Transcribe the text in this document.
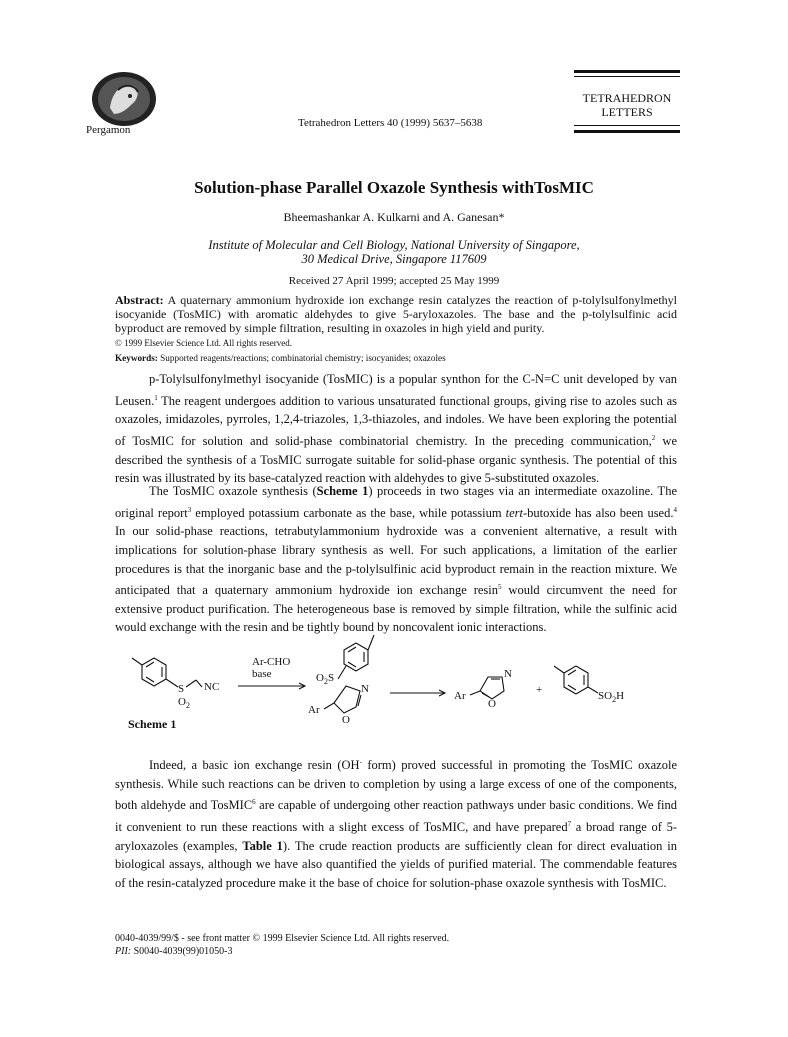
Pergamon
Tetrahedron Letters 40 (1999) 5637–5638
TETRAHEDRON
LETTERS
Solution-phase Parallel Oxazole Synthesis withTosMIC
Bheemashankar A. Kulkarni and A. Ganesan*
Institute of Molecular and Cell Biology, National University of Singapore,
30 Medical Drive, Singapore 117609
Received 27 April 1999; accepted 25 May 1999
Abstract: A quaternary ammonium hydroxide ion exchange resin catalyzes the reaction of p-tolylsulfonylmethyl isocyanide (TosMIC) with aromatic aldehydes to give 5-aryloxazoles. The base and the p-tolylsulfinic acid byproduct are removed by simple filtration, resulting in oxazoles in high yield and purity.
© 1999 Elsevier Science Ltd. All rights reserved.
Keywords: Supported reagents/reactions; combinatorial chemistry; isocyanides; oxazoles
p-Tolylsulfonylmethyl isocyanide (TosMIC) is a popular synthon for the C-N=C unit developed by van Leusen.$^1$ The reagent undergoes addition to various unsaturated functional groups, giving rise to azoles such as oxazoles, imidazoles, pyrroles, 1,2,4-triazoles, 1,3-thiazoles, and indoles. We have been exploring the potential of TosMIC for solution and solid-phase combinatorial chemistry. In the preceding communication,$^2$ we described the synthesis of a TosMIC surrogate suitable for solid-phase organic synthesis. The potential of this resin was illustrated by its base-catalyzed reaction with aldehydes to give 5-substituted oxazoles.
The TosMIC oxazole synthesis (Scheme 1) proceeds in two stages via an intermediate oxazoline. The original report$^3$ employed potassium carbonate as the base, while potassium tert-butoxide has also been used.$^4$ In our solid-phase reactions, tetrabutylammonium hydroxide was a convenient alternative, a result with implications for solution-phase library synthesis as well. For such applications, a limitation of the earlier procedures is that the inorganic base and the p-tolylsulfinic acid byproduct remain in the reaction mixture. We anticipated that a quaternary ammonium hydroxide ion exchange resin$^5$ would circumvent the need for extensive product purification. The heterogeneous base is removed by simple filtration, while the sulfinic acid would exchange with the resin and be tightly bound by noncovalent ionic interactions.
S
$O_2$
NC
Ar-CHO
base	$O_2S$
N
Ar
O
N
Ar
O
+	$SO_2H$
Scheme 1
Indeed, a basic ion exchange resin (OH- form) proved successful in promoting the TosMIC oxazole synthesis. While such reactions can be driven to completion by using a large excess of one of the components, both aldehyde and TosMIC$^6$ are capable of undergoing other reaction pathways under basic conditions. We find it convenient to run these reactions with a slight excess of TosMIC, and have prepared$^7$ a broad range of 5-aryloxazoles (examples, Table 1). The crude reaction products are sufficiently clean for direct evaluation in biological assays, although we have also quantified the yields of purified material. The commendable features of the resin-catalyzed procedure make it the base of choice for solution-phase oxazole synthesis with TosMIC.
0040-4039/99/$ - see front matter © 1999 Elsevier Science Ltd. All rights reserved.
PII: S0040-4039(99)01050-3
